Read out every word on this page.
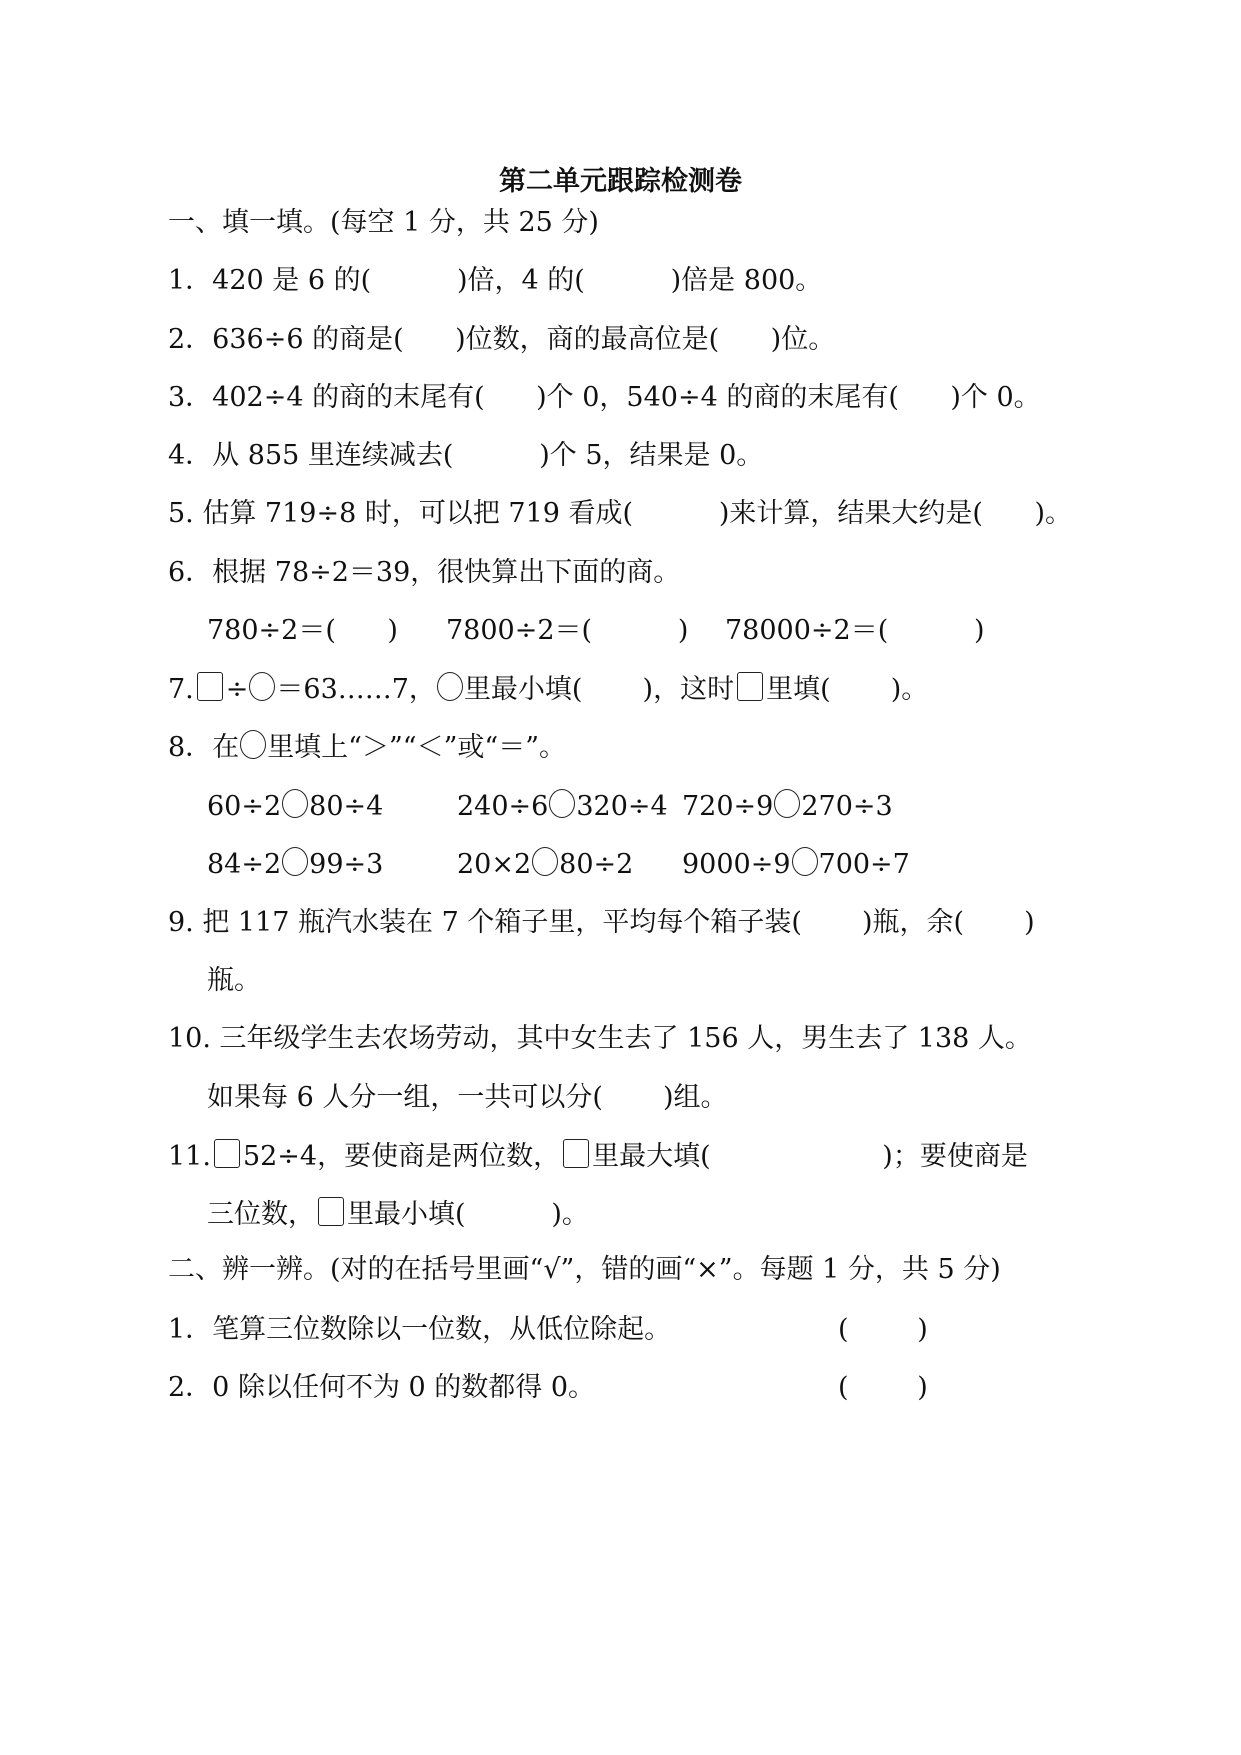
第二单元跟踪检测卷
一、填一填。(每空 1 分，共 25 分)
1．420 是 6 的(          )倍，4 的(          )倍是 800。
2．636÷6 的商是(      )位数，商的最高位是(      )位。
3．402÷4 的商的末尾有(      )个 0，540÷4 的商的末尾有(      )个 0。
4．从 855 里连续减去(          )个 5，结果是 0。
5. 估算 719÷8 时，可以把 719 看成(          )来计算，结果大约是(      )。
6．根据 78÷2＝39，很快算出下面的商。
780÷2＝(      ) 7800÷2＝(          ) 78000÷2＝(          )
7. ÷ ＝63……7， 里最小填(       )，这时 里填(       )。
8．在 里填上“＞”“＜”或“＝”。
60÷2 80÷4	240÷6 320÷4 720÷9 270÷3
84÷2 99÷3	20×2 80÷2 9000÷9 700÷7
9. 把 117 瓶汽水装在 7 个箱子里，平均每个箱子装(       )瓶，余(       )
瓶。
10. 三年级学生去农场劳动，其中女生去了 156 人，男生去了 138 人。
如果每 6 人分一组，一共可以分(       )组。
11. 52÷4，要使商是两位数， 里最大填(                    )；要使商是
三位数， 里最小填(          )。
二、辨一辨。(对的在括号里画“√”，错的画“×”。每题 1 分，共 5 分)
1．笔算三位数除以一位数，从低位除起。	(        )
2．0 除以任何不为 0 的数都得 0。	(        )
